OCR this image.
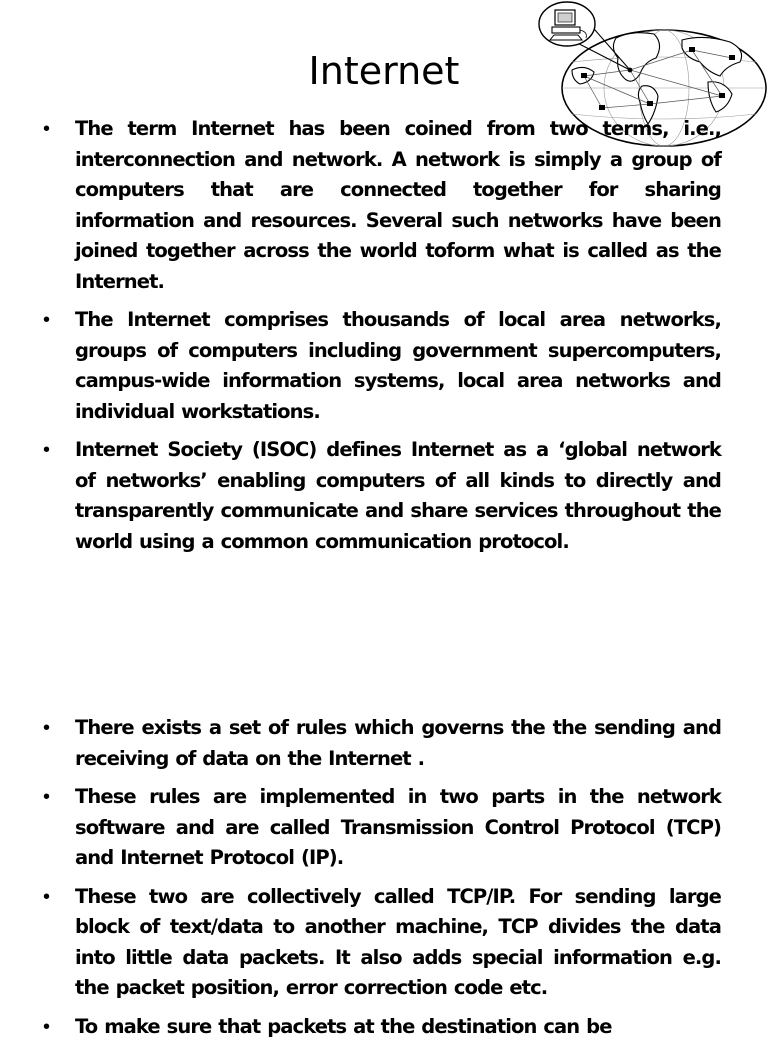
Internet
• The term Internet has been coined from two terms, i.e., interconnection and network. A network is simply a group of computers that are connected together for sharing information and resources. Several such networks have been joined together across the world toform what is called as the Internet.
• The Internet comprises thousands of local area networks, groups of computers including government supercomputers, campus-wide information systems, local area networks and individual workstations.
• Internet Society (ISOC) defines Internet as a ‘global network of networks’ enabling computers of all kinds to directly and transparently communicate and share services throughout the world using a common communication protocol.
• There exists a set of rules which governs the the sending and receiving of data on the Internet .
• These rules are implemented in two parts in the network software and are called Transmission Control Protocol (TCP) and Internet Protocol (IP).
• These two are collectively called TCP/IP. For sending large block of text/data to another machine, TCP divides the data into little data packets. It also adds special information e.g. the packet position, error correction code etc.
• To make sure that packets at the destination can be
